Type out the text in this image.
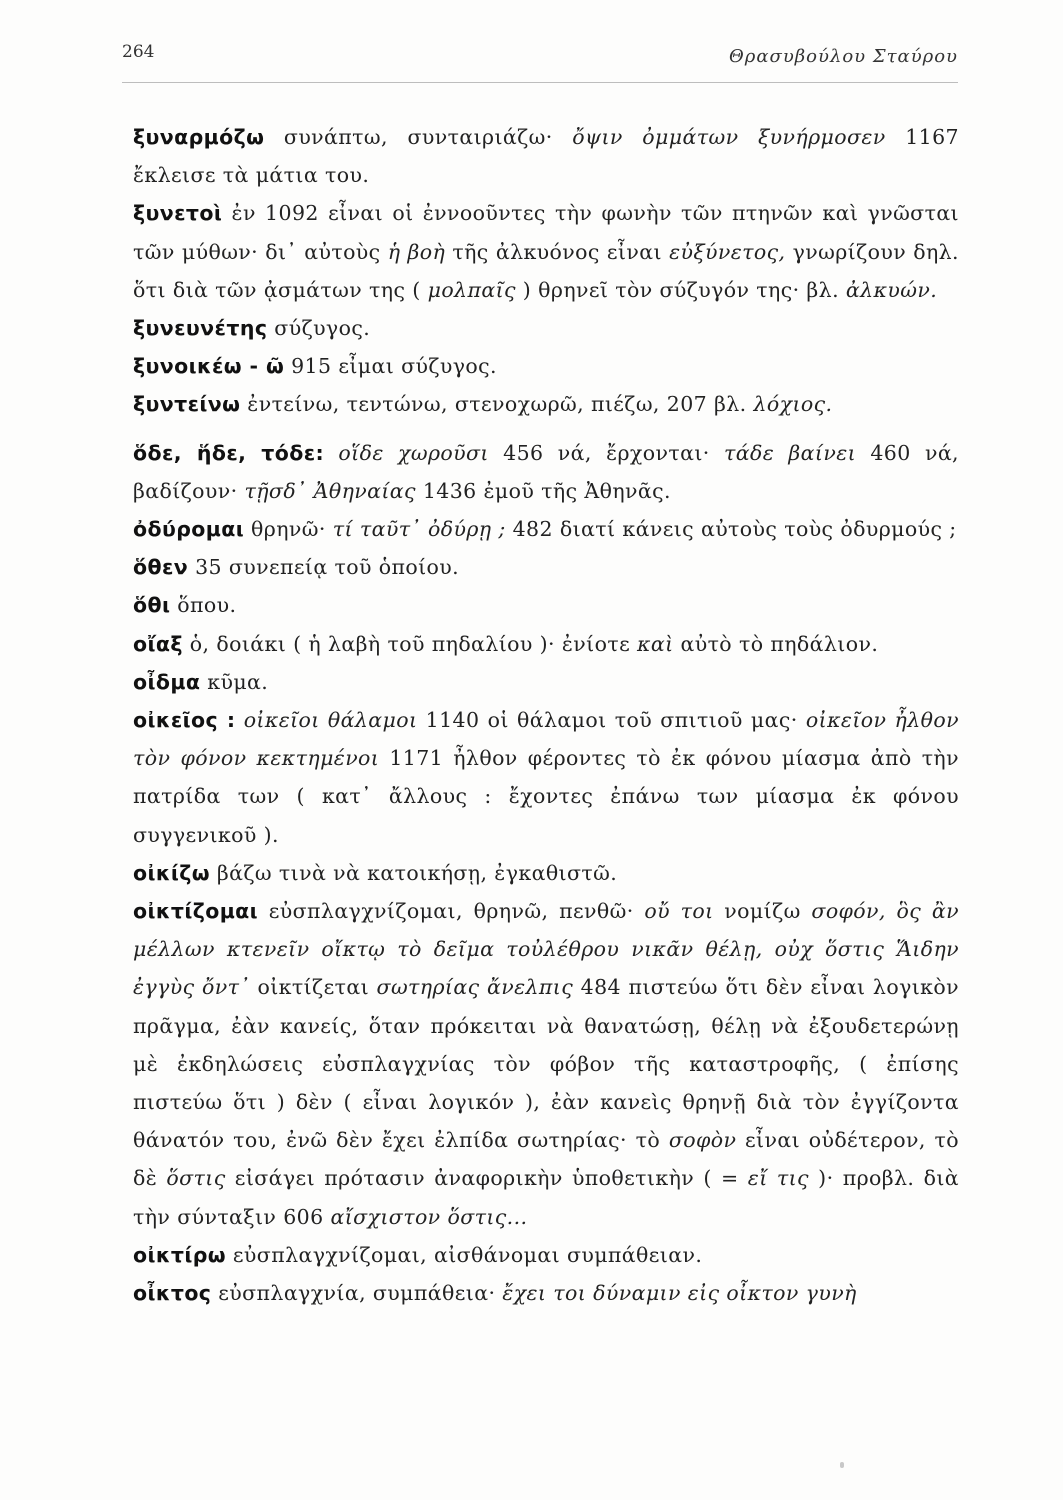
264	Θρασυβούλου Σταύρου

ξυναρμόζω συνάπτω, συνταιριάζω· ὄψιν ὀμμάτων ξυνήρμοσεν 1167 ἔκλεισε τὰ μάτια του.

ξυνετοὶ ἐν 1092 εἶναι οἱ ἐννοοῦντες τὴν φωνὴν τῶν πτηνῶν καὶ γνῶσται τῶν μύθων· δι᾽ αὐτοὺς ἡ βοὴ τῆς ἀλκυόνος εἶναι εὐξύνετος, γνωρίζουν δηλ. ὅτι διὰ τῶν ᾀσμάτων της ( μολπαῖς ) θρηνεῖ τὸν σύζυγόν της· βλ. ἀλκυών.

ξυνευνέτης σύζυγος.

ξυνοικέω - ῶ 915 εἶμαι σύζυγος.

ξυντείνω ἐντείνω, τεντώνω, στενοχωρῶ, πιέζω, 207 βλ. λόχιος.

ὅδε, ἥδε, τόδε: οἵδε χωροῦσι 456 νά, ἔρχονται· τάδε βαίνει 460 νά, βαδίζουν· τῇσδ᾽ Ἀθηναίας 1436 ἐμοῦ τῆς Ἀθηνᾶς.

ὀδύρομαι θρηνῶ· τί ταῦτ᾽ ὀδύρῃ ; 482 διατί κάνεις αὐτοὺς τοὺς ὀδυρμούς ;

ὅθεν 35 συνεπείᾳ τοῦ ὁποίου.

ὅθι ὅπου.

οἴαξ ὁ, δοιάκι ( ἡ λαβὴ τοῦ πηδαλίου )· ἐνίοτε καὶ αὐτὸ τὸ πηδάλιον.

οἶδμα κῦμα.

οἰκεῖος : οἰκεῖοι θάλαμοι 1140 οἱ θάλαμοι τοῦ σπιτιοῦ μας· οἰκεῖον ἦλθον τὸν φόνον κεκτημένοι 1171 ἦλθον φέροντες τὸ ἐκ φόνου μίασμα ἀπὸ τὴν πατρίδα των ( κατ᾽ ἄλλους : ἔχοντες ἐπάνω των μίασμα ἐκ φόνου συγγενικοῦ ).

οἰκίζω βάζω τινὰ νὰ κατοικήσῃ, ἐγκαθιστῶ.

οἰκτίζομαι εὐσπλαγχνίζομαι, θρηνῶ, πενθῶ· οὔ τοι νομίζω σοφόν, ὃς ἂν μέλλων κτενεῖν οἴκτῳ τὸ δεῖμα τοὐλέθρου νικᾶν θέλῃ, οὐχ ὅστις Ἅιδην ἐγγὺς ὄντ᾽ οἰκτίζεται σωτηρίας ἄνελπις 484 πιστεύω ὅτι δὲν εἶναι λογικὸν πρᾶγμα, ἐὰν κανείς, ὅταν πρόκειται νὰ θανατώσῃ, θέλῃ νὰ ἐξουδετερώνῃ μὲ ἐκδηλώσεις εὐσπλαγχνίας τὸν φόβον τῆς καταστροφῆς, ( ἐπίσης πιστεύω ὅτι ) δὲν ( εἶναι λογικόν ), ἐὰν κανεὶς θρηνῇ διὰ τὸν ἐγγίζοντα θάνατόν του, ἐνῶ δὲν ἔχει ἐλπίδα σωτηρίας· τὸ σοφὸν εἶναι οὐδέτερον, τὸ δὲ ὅστις εἰσάγει πρότασιν ἀναφορικὴν ὑποθετικὴν ( = εἴ τις )· προβλ. διὰ τὴν σύνταξιν 606 αἴσχιστον ὅστις...

οἰκτίρω εὐσπλαγχνίζομαι, αἰσθάνομαι συμπάθειαν.

οἶκτος εὐσπλαγχνία, συμπάθεια· ἔχει τοι δύναμιν εἰς οἶκτον γυνὴ
